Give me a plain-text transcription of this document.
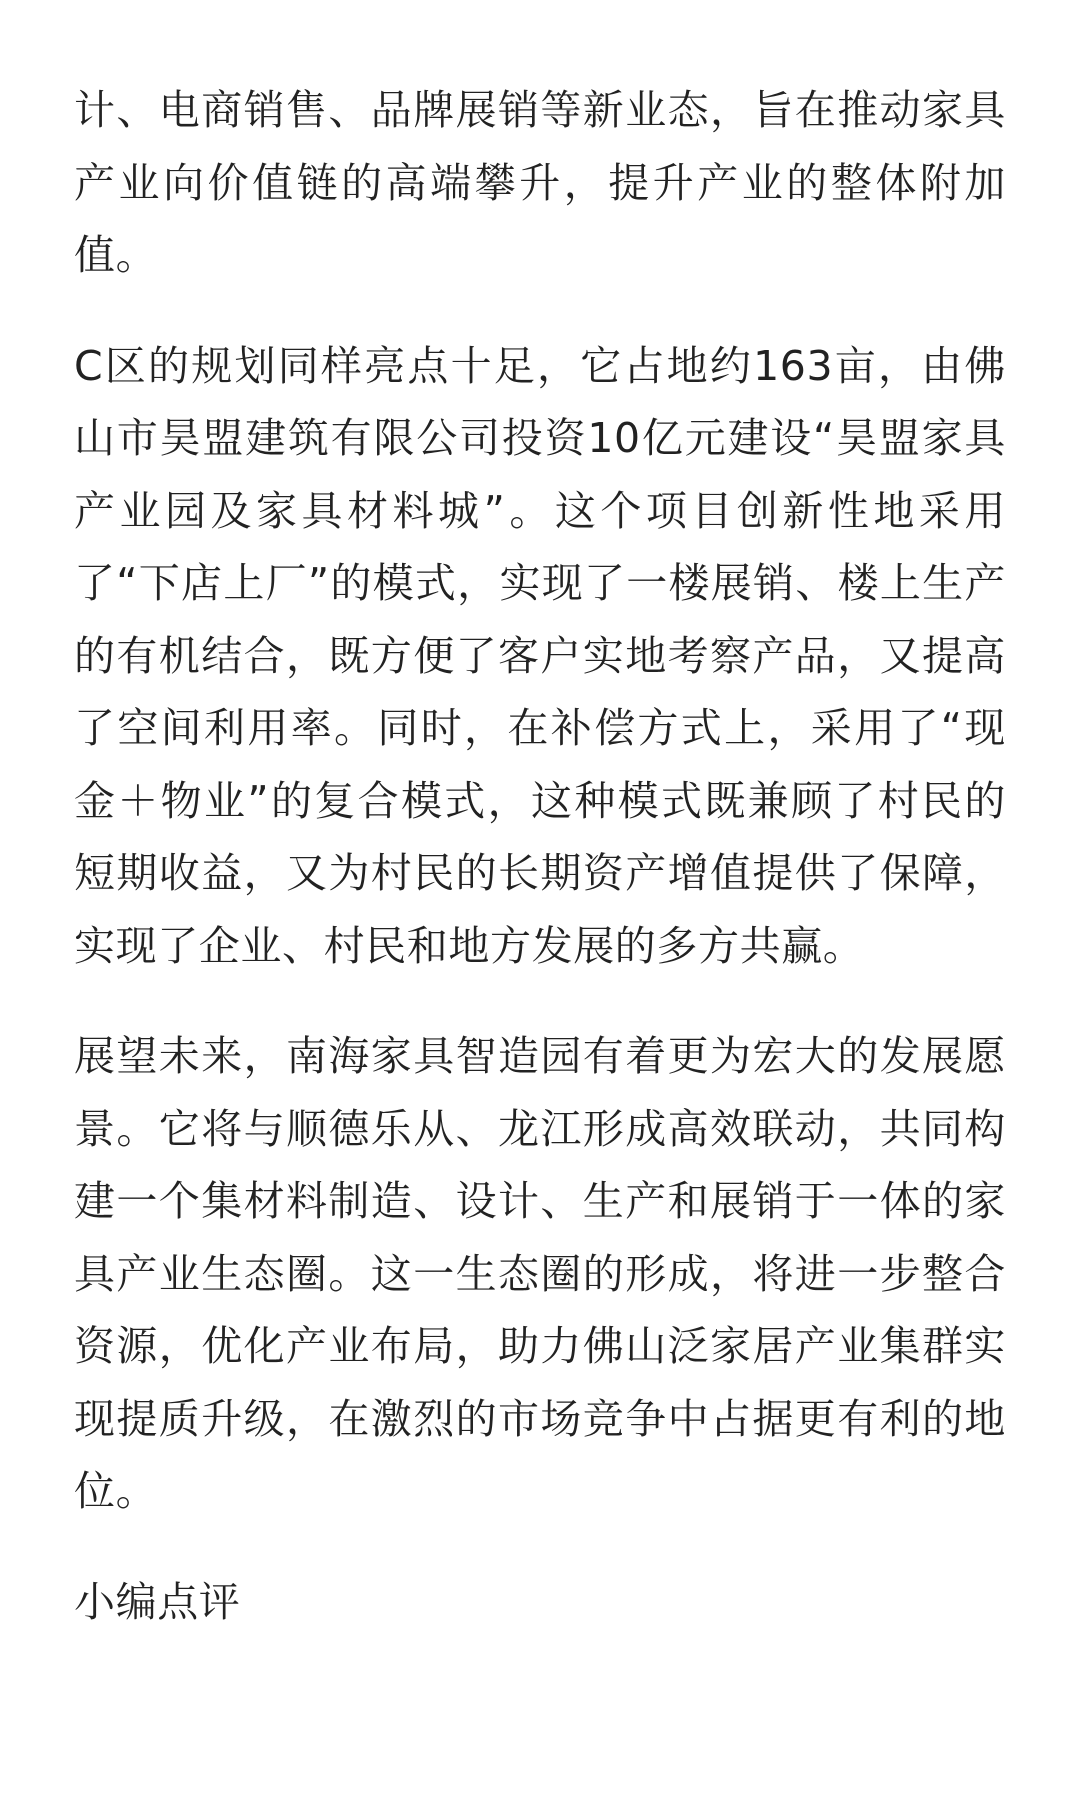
计、电商销售、品牌展销等新业态，旨在推动家具产业向价值链的高端攀升，提升产业的整体附加值。

C区的规划同样亮点十足，它占地约163亩，由佛山市昊盟建筑有限公司投资10亿元建设“昊盟家具产业园及家具材料城”。这个项目创新性地采用了“下店上厂”的模式，实现了一楼展销、楼上生产的有机结合，既方便了客户实地考察产品，又提高了空间利用率。同时，在补偿方式上，采用了“现金＋物业”的复合模式，这种模式既兼顾了村民的短期收益，又为村民的长期资产增值提供了保障，实现了企业、村民和地方发展的多方共赢。

展望未来，南海家具智造园有着更为宏大的发展愿景。它将与顺德乐从、龙江形成高效联动，共同构建一个集材料制造、设计、生产和展销于一体的家具产业生态圈。这一生态圈的形成，将进一步整合资源，优化产业布局，助力佛山泛家居产业集群实现提质升级，在激烈的市场竞争中占据更有利的地位。

小编点评
